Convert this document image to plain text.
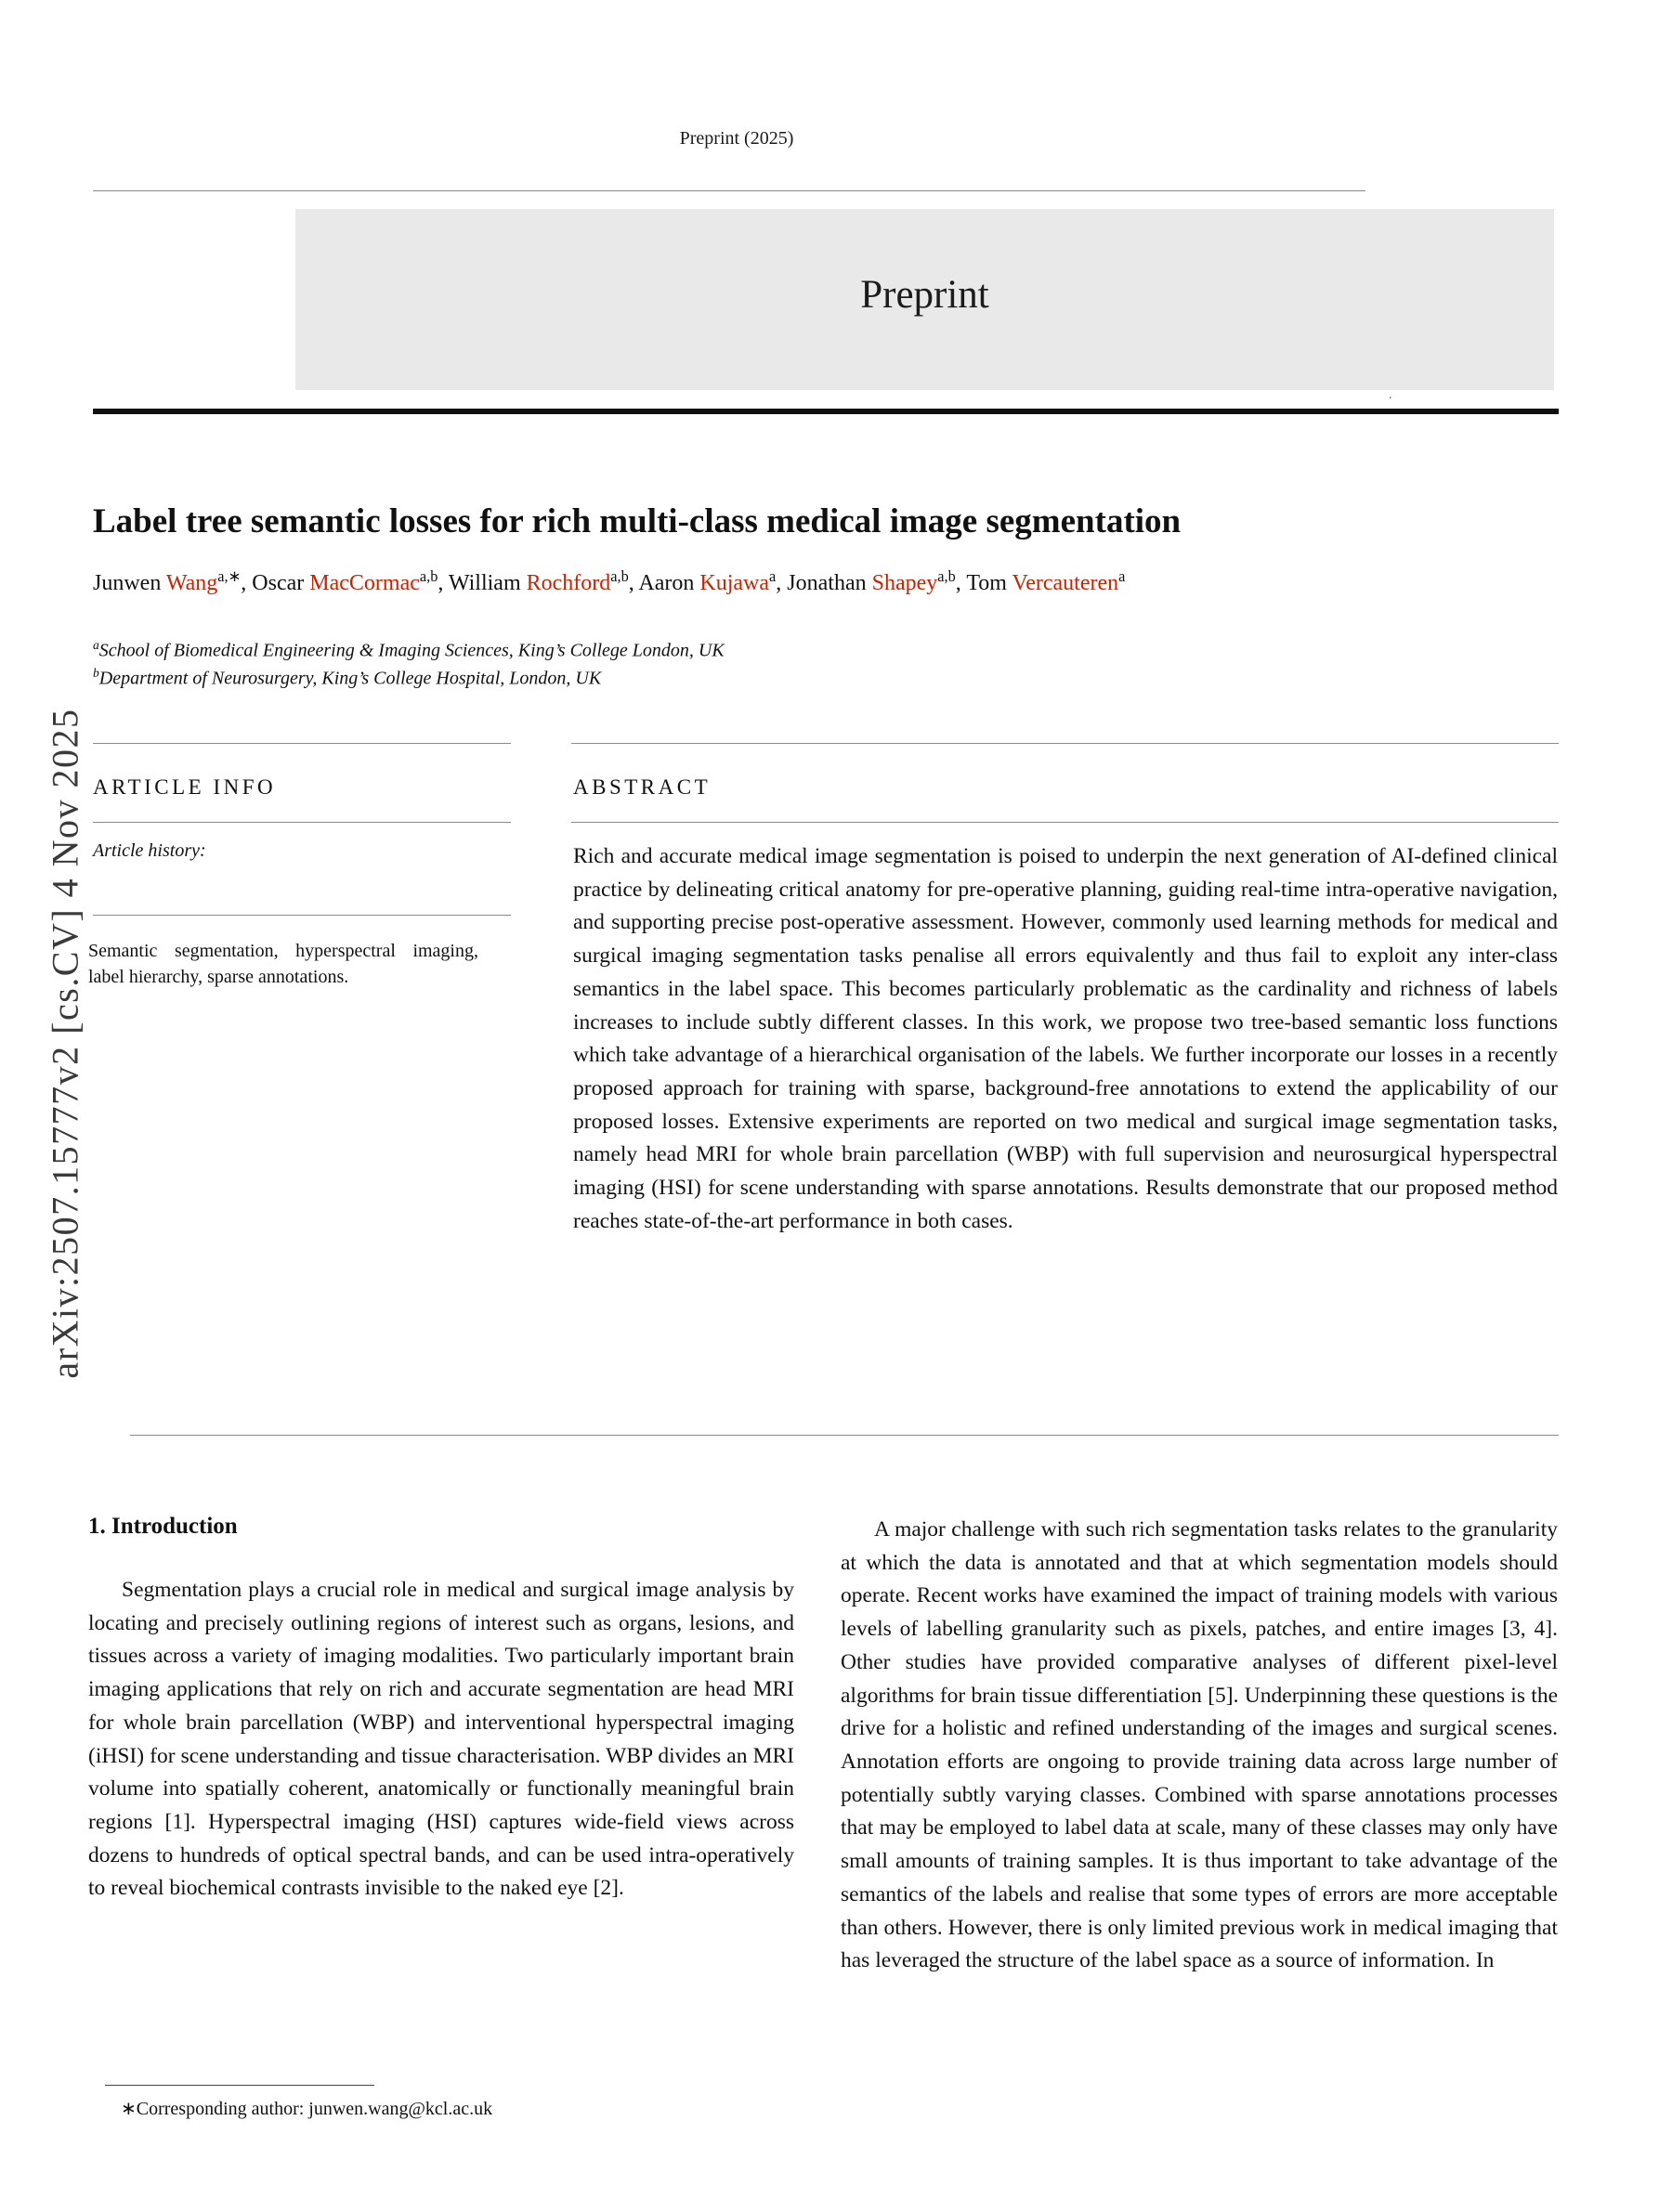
arXiv:2507.15777v2 [cs.CV] 4 Nov 2025
Preprint (2025)
Preprint
.
Label tree semantic losses for rich multi-class medical image segmentation
Junwen Wang$^{a,∗}$, Oscar MacCormac$^{a,b}$, William Rochford$^{a,b}$, Aaron Kujawa$^a$, Jonathan Shapey$^{a,b}$, Tom Vercauteren$^a$
$^a$School of Biomedical Engineering & Imaging Sciences, King’s College London, UK
$^b$Department of Neurosurgery, King’s College Hospital, London, UK
ARTICLE INFO	ABSTRACT
Article history:
Semantic segmentation, hyperspectral imaging, label hierarchy, sparse annotations.
Rich and accurate medical image segmentation is poised to underpin the next generation of AI-defined clinical practice by delineating critical anatomy for pre-operative planning, guiding real-time intra-operative navigation, and supporting precise post-operative assessment. However, commonly used learning methods for medical and surgical imaging segmentation tasks penalise all errors equivalently and thus fail to exploit any inter-class semantics in the label space. This becomes particularly problematic as the cardinality and richness of labels increases to include subtly different classes. In this work, we propose two tree-based semantic loss functions which take advantage of a hierarchical organisation of the labels. We further incorporate our losses in a recently proposed approach for training with sparse, background-free annotations to extend the applicability of our proposed losses. Extensive experiments are reported on two medical and surgical image segmentation tasks, namely head MRI for whole brain parcellation (WBP) with full supervision and neurosurgical hyperspectral imaging (HSI) for scene understanding with sparse annotations. Results demonstrate that our proposed method reaches state-of-the-art performance in both cases.
1. Introduction
Segmentation plays a crucial role in medical and surgical image analysis by locating and precisely outlining regions of interest such as organs, lesions, and tissues across a variety of imaging modalities. Two particularly important brain imaging applications that rely on rich and accurate segmentation are head MRI for whole brain parcellation (WBP) and interventional hyperspectral imaging (iHSI) for scene understanding and tissue characterisation. WBP divides an MRI volume into spatially coherent, anatomically or functionally meaningful brain regions [1]. Hyperspectral imaging (HSI) captures wide-field views across dozens to hundreds of optical spectral bands, and can be used intra-operatively to reveal biochemical contrasts invisible to the naked eye [2].
A major challenge with such rich segmentation tasks relates to the granularity at which the data is annotated and that at which segmentation models should operate. Recent works have examined the impact of training models with various levels of labelling granularity such as pixels, patches, and entire images [3, 4]. Other studies have provided comparative analyses of different pixel-level algorithms for brain tissue differentiation [5]. Underpinning these questions is the drive for a holistic and refined understanding of the images and surgical scenes. Annotation efforts are ongoing to provide training data across large number of potentially subtly varying classes. Combined with sparse annotations processes that may be employed to label data at scale, many of these classes may only have small amounts of training samples. It is thus important to take advantage of the semantics of the labels and realise that some types of errors are more acceptable than others. However, there is only limited previous work in medical imaging that has leveraged the structure of the label space as a source of information. In
∗Corresponding author: junwen.wang@kcl.ac.uk
